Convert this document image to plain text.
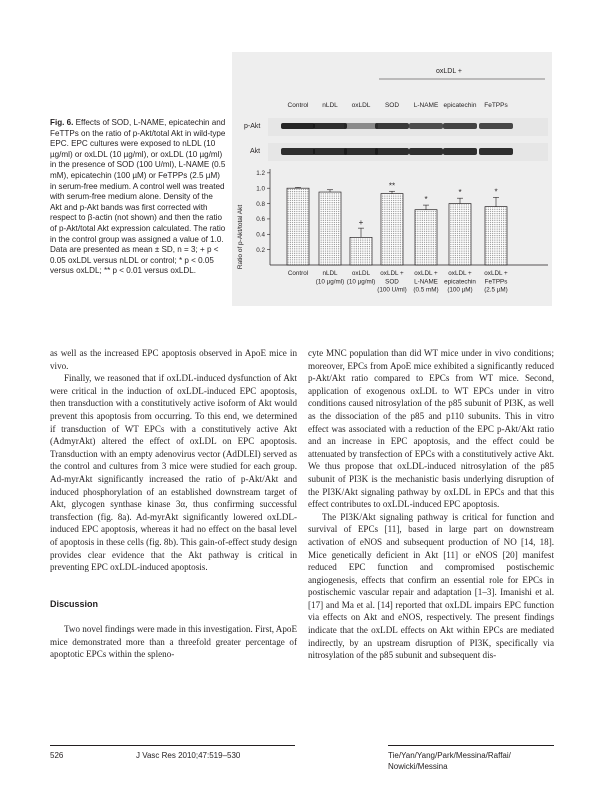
Fig. 6. Effects of SOD, L-NAME, epicatechin and FeTTPs on the ratio of p-Akt/total Akt in wild-type EPC. EPC cultures were exposed to nLDL (10 µg/ml) or oxLDL (10 µg/ml), or oxLDL (10 µg/ml) in the presence of SOD (100 U/ml), L-NAME (0.5 mM), epicatechin (100 µM) or FeTPPs (2.5 µM) in serum-free medium. A control well was treated with serum-free medium alone. Density of the Akt and p-Akt bands was first corrected with respect to β-actin (not shown) and then the ratio of p-Akt/total Akt expression calculated. The ratio in the control group was assigned a value of 1.0. Data are presented as mean ± SD, n = 3; + p < 0.05 oxLDL versus nLDL or control; * p < 0.05 versus oxLDL; ** p < 0.01 versus oxLDL.
oxLDL +
Control nLDL oxLDL SOD L-NAME epicatechin FeTPPs
p-Akt
Akt
Ratio of p-Akt/total Akt 0.2
0.4
0.6
0.8
1.0
1.2
Control nLDL
(10 µg/ml)
+
oxLDL
(10 µg/ml)
**
oxLDL +
SOD
(100 U/ml)
*
oxLDL +
L-NAME
(0.5 mM)
*
oxLDL +
epicatechin
(100 µM)
*
oxLDL +
FeTPPs
(2.5 µM)

as well as the increased EPC apoptosis observed in ApoE mice in vivo.

Finally, we reasoned that if oxLDL-induced dysfunction of Akt were critical in the induction of oxLDL-induced EPC apoptosis, then transduction with a constitutively active isoform of Akt would prevent this apoptosis from occurring. To this end, we determined if transduction of WT EPCs with a constitutively active Akt (AdmyrAkt) altered the effect of oxLDL on EPC apoptosis. Transduction with an empty adenovirus vector (AdDLEI) served as the control and cultures from 3 mice were studied for each group. Ad-myrAkt significantly increased the ratio of p-Akt/Akt and induced phosphorylation of an established downstream target of Akt, glycogen synthase kinase 3α, thus confirming successful transfection (fig. 8a). Ad-myrAkt significantly lowered oxLDL-induced EPC apoptosis, whereas it had no effect on the basal level of apoptosis in these cells (fig. 8b). This gain-of-effect study design provides clear evidence that the Akt pathway is critical in preventing EPC oxLDL-induced apoptosis.

Discussion

Two novel findings were made in this investigation. First, ApoE mice demonstrated more than a threefold greater percentage of apoptotic EPCs within the spleno-

cyte MNC population than did WT mice under in vivo conditions; moreover, EPCs from ApoE mice exhibited a significantly reduced p-Akt/Akt ratio compared to EPCs from WT mice. Second, application of exogenous oxLDL to WT EPCs under in vitro conditions caused nitrosylation of the p85 subunit of PI3K, as well as the dissociation of the p85 and p110 subunits. This in vitro effect was associated with a reduction of the EPC p-Akt/Akt ratio and an increase in EPC apoptosis, and the effect could be attenuated by transfection of EPCs with a constitutively active Akt. We thus propose that oxLDL-induced nitrosylation of the p85 subunit of PI3K is the mechanistic basis underlying disruption of the PI3K/Akt signaling pathway by oxLDL in EPCs and that this effect contributes to oxLDL-induced EPC apoptosis.

The PI3K/Akt signaling pathway is critical for function and survival of EPCs [11], based in large part on downstream activation of eNOS and subsequent production of NO [14, 18]. Mice genetically deficient in Akt [11] or eNOS [20] manifest reduced EPC function and compromised postischemic angiogenesis, effects that confirm an essential role for EPCs in postischemic vascular repair and adaptation [1–3]. Imanishi et al. [17] and Ma et al. [14] reported that oxLDL impairs EPC function via effects on Akt and eNOS, respectively. The present findings indicate that the oxLDL effects on Akt within EPCs are mediated indirectly, by an upstream disruption of PI3K, specifically via nitrosylation of the p85 subunit and subsequent dis-

526	J Vasc Res 2010;47:519–530	Tie/Yan/Yang/Park/Messina/Raffai/
Nowicki/Messina
